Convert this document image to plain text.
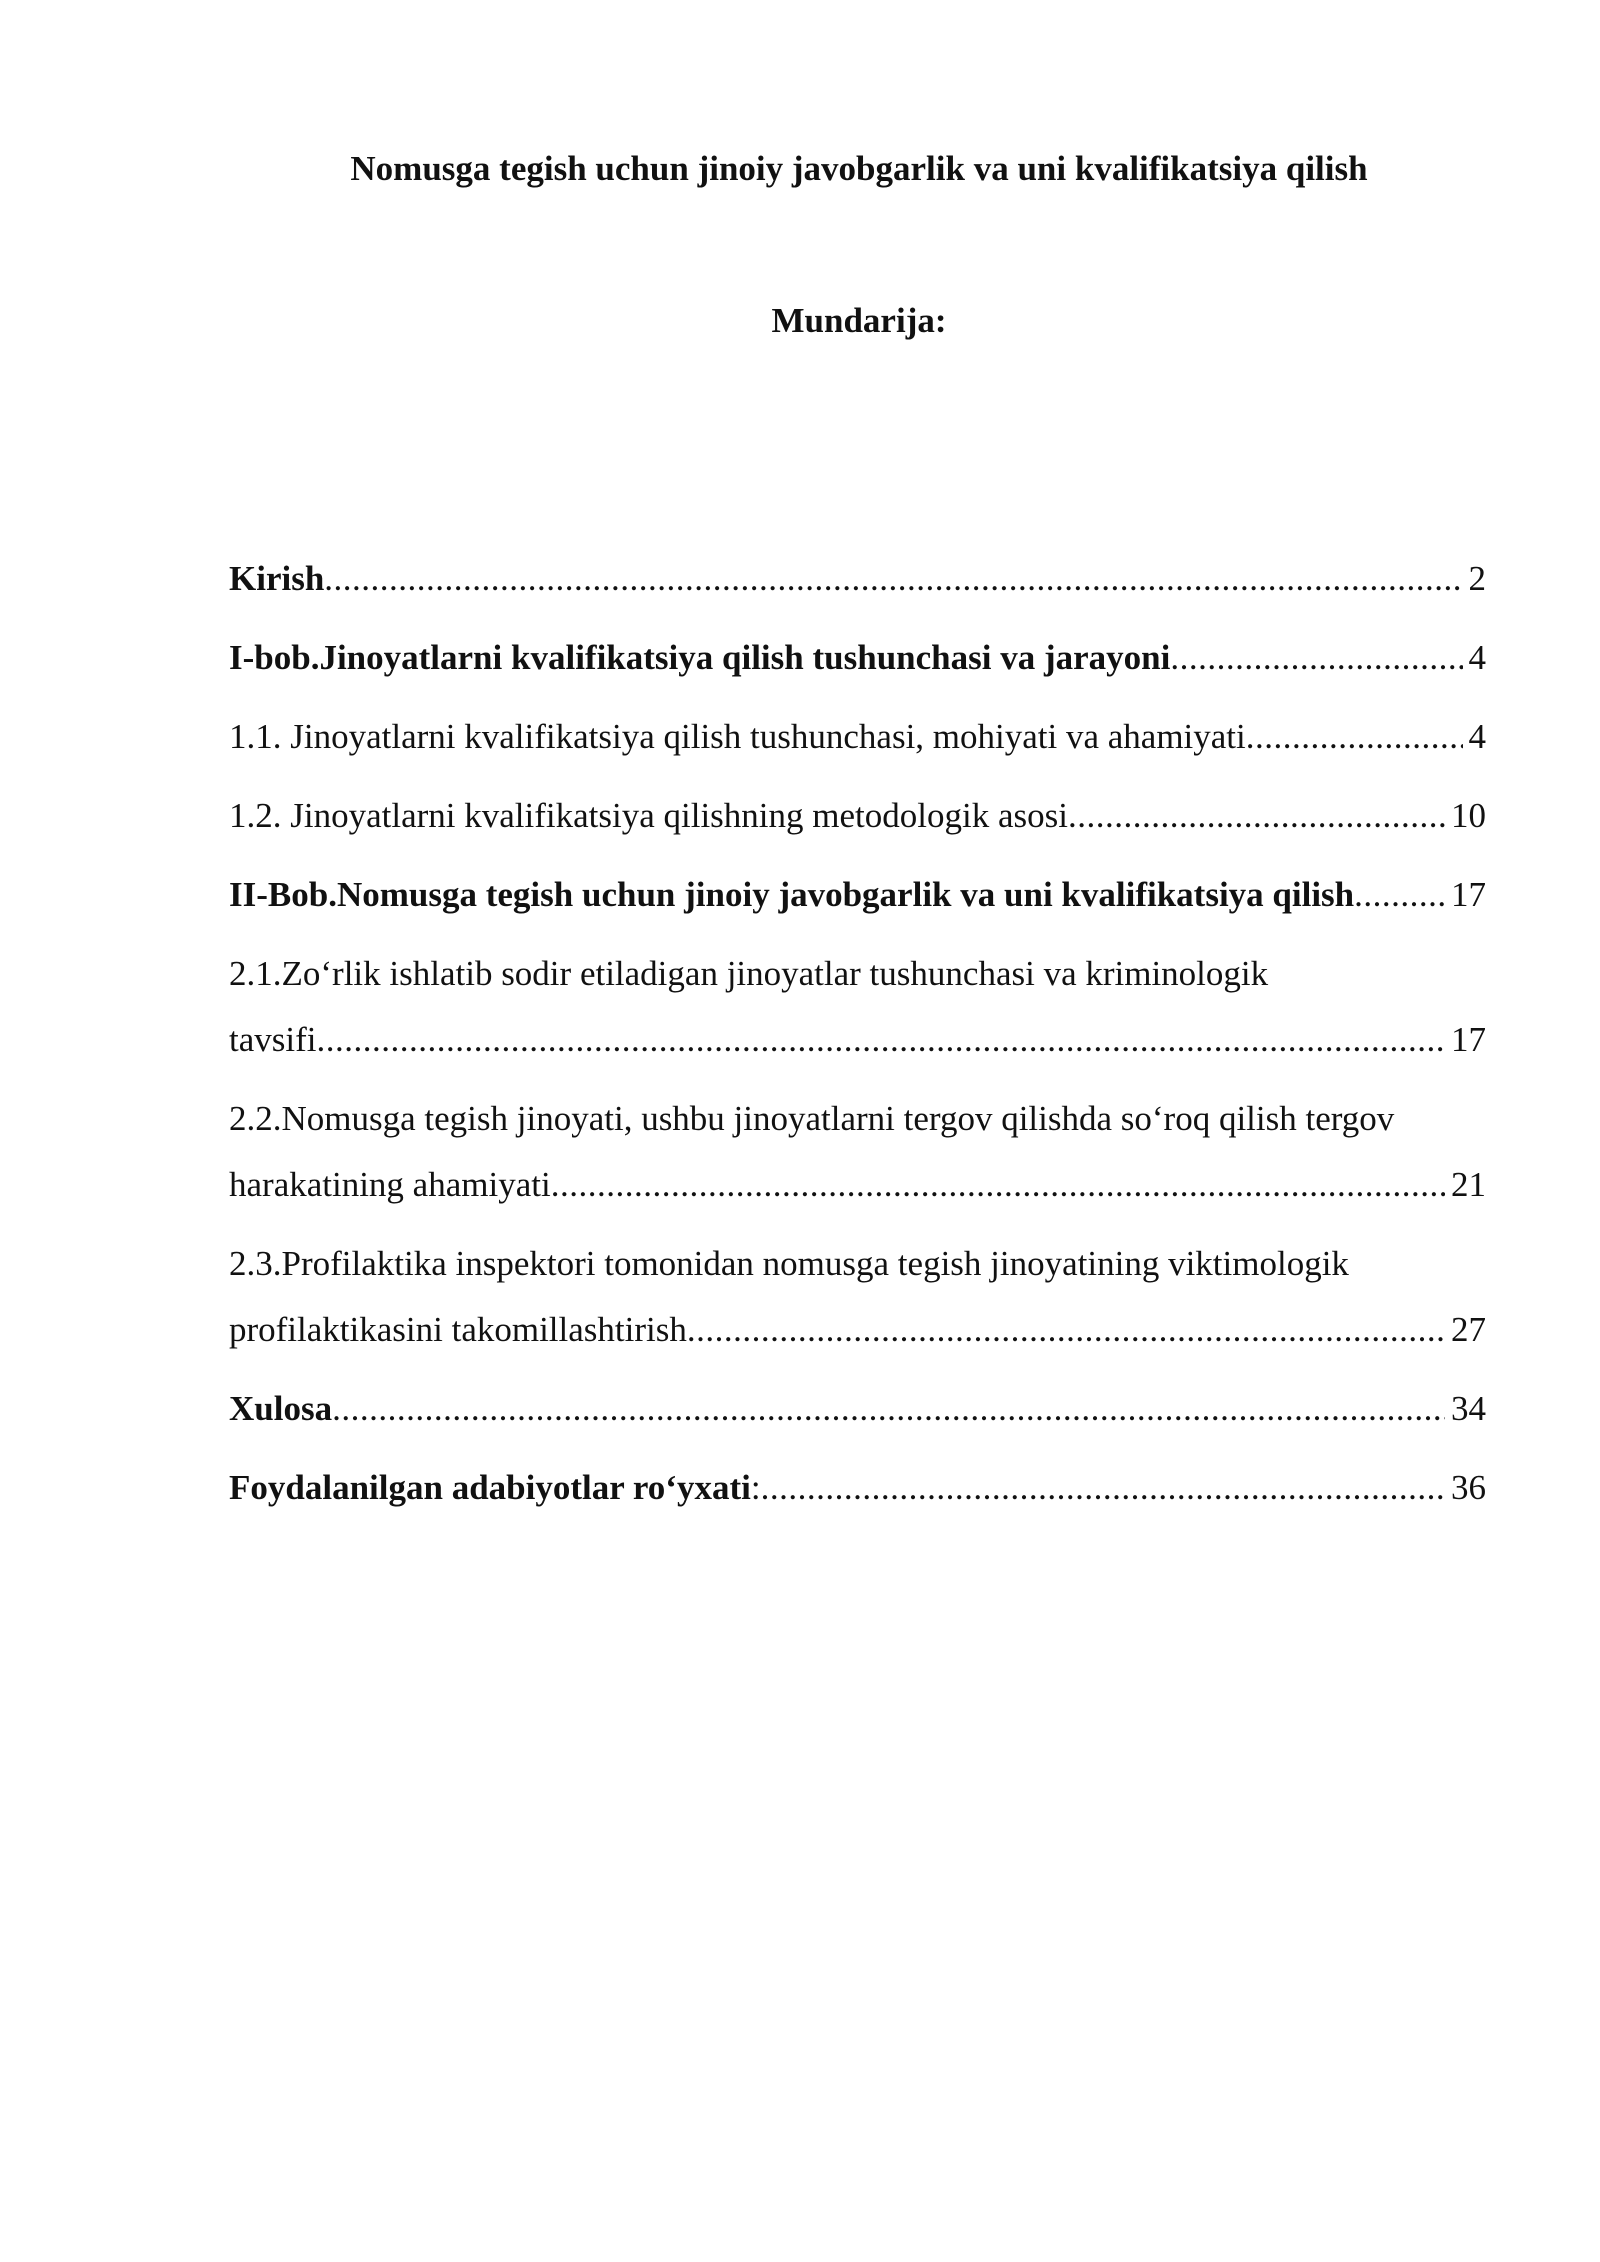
Nomusga tegish uchun jinoiy javobgarlik va uni kvalifikatsiya qilish
Mundarija:
Kirish .....	2
I-bob.Jinoyatlarni kvalifikatsiya qilish tushunchasi va jarayoni .....	4
1.1. Jinoyatlarni kvalifikatsiya qilish tushunchasi, mohiyati va ahamiyati .....	4
1.2. Jinoyatlarni kvalifikatsiya qilishning metodologik asosi .....	10
II-Bob.Nomusga tegish uchun jinoiy javobgarlik va uni kvalifikatsiya qilish .....	17
2.1.Zo‘rlik ishlatib sodir etiladigan jinoyatlar tushunchasi va kriminologik
tavsifi .....	17
2.2.Nomusga tegish jinoyati, ushbu jinoyatlarni tergov qilishda so‘roq qilish tergov
harakatining ahamiyati .....	21
2.3.Profilaktika inspektori tomonidan nomusga tegish jinoyatining viktimologik
profilaktikasini takomillashtirish .....	27
Xulosa .....	34
Foydalanilgan adabiyotlar ro‘yxati: .....	36
